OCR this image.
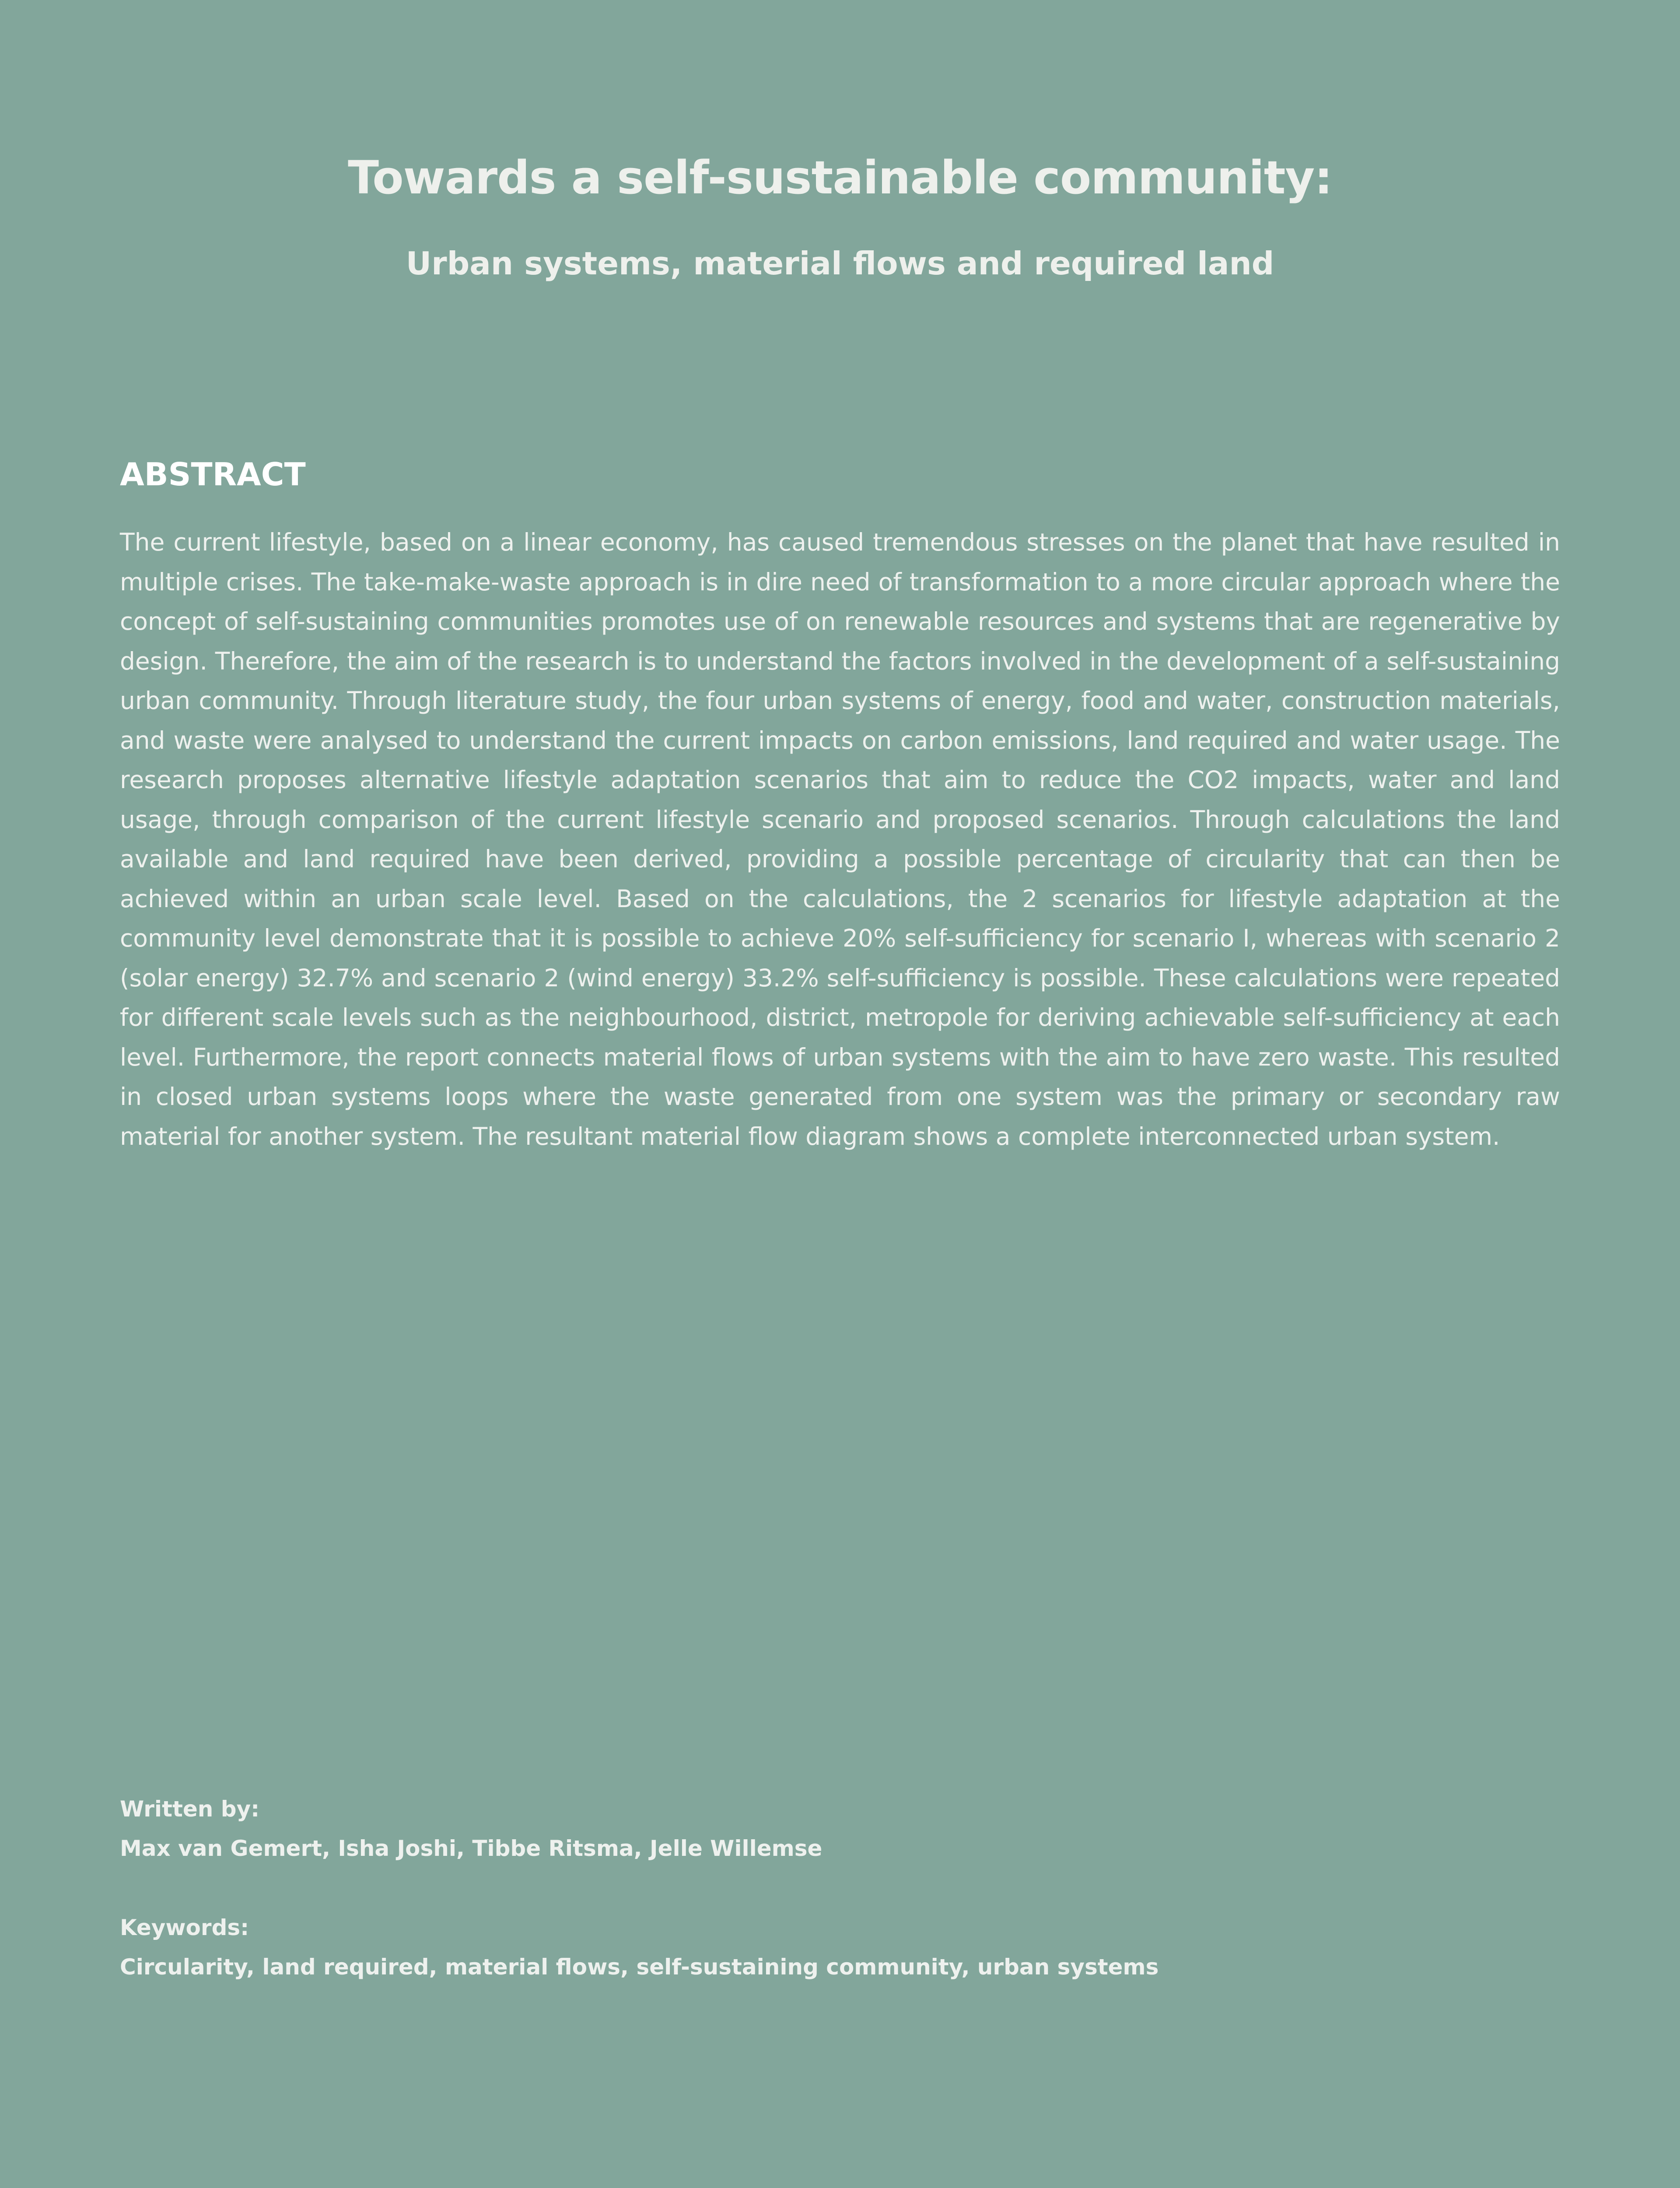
Towards a self-sustainable community:
Urban systems, material flows and required land
ABSTRACT

The current lifestyle, based on a linear economy, has caused tremendous stresses on the planet that have resulted in multiple crises. The take-make-waste approach is in dire need of transformation to a more circular approach where the concept of self-sustaining communities promotes use of on renewable resources and systems that are regenerative by design. Therefore, the aim of the research is to understand the factors involved in the development of a self-sustaining urban community. Through literature study, the four urban systems of energy, food and water, construction materials, and waste were analysed to understand the current impacts on carbon emissions, land required and water usage. The research proposes alternative lifestyle adaptation scenarios that aim to reduce the CO2 impacts, water and land usage, through comparison of the current lifestyle scenario and proposed scenarios. Through calculations the land available and land required have been derived, providing a possible percentage of circularity that can then be achieved within an urban scale level. Based on the calculations, the 2 scenarios for lifestyle adaptation at the community level demonstrate that it is possible to achieve 20% self-sufficiency for scenario I, whereas with scenario 2 (solar energy) 32.7% and scenario 2 (wind energy) 33.2% self-sufficiency is possible. These calculations were repeated for different scale levels such as the neighbourhood, district, metropole for deriving achievable self-sufficiency at each level. Furthermore, the report connects material flows of urban systems with the aim to have zero waste. This resulted in closed urban systems loops where the waste generated from one system was the primary or secondary raw material for another system. The resultant material flow diagram shows a complete interconnected urban system.

Written by:

Max van Gemert, Isha Joshi, Tibbe Ritsma, Jelle Willemse

Keywords:

Circularity, land required, material flows, self-sustaining community, urban systems
